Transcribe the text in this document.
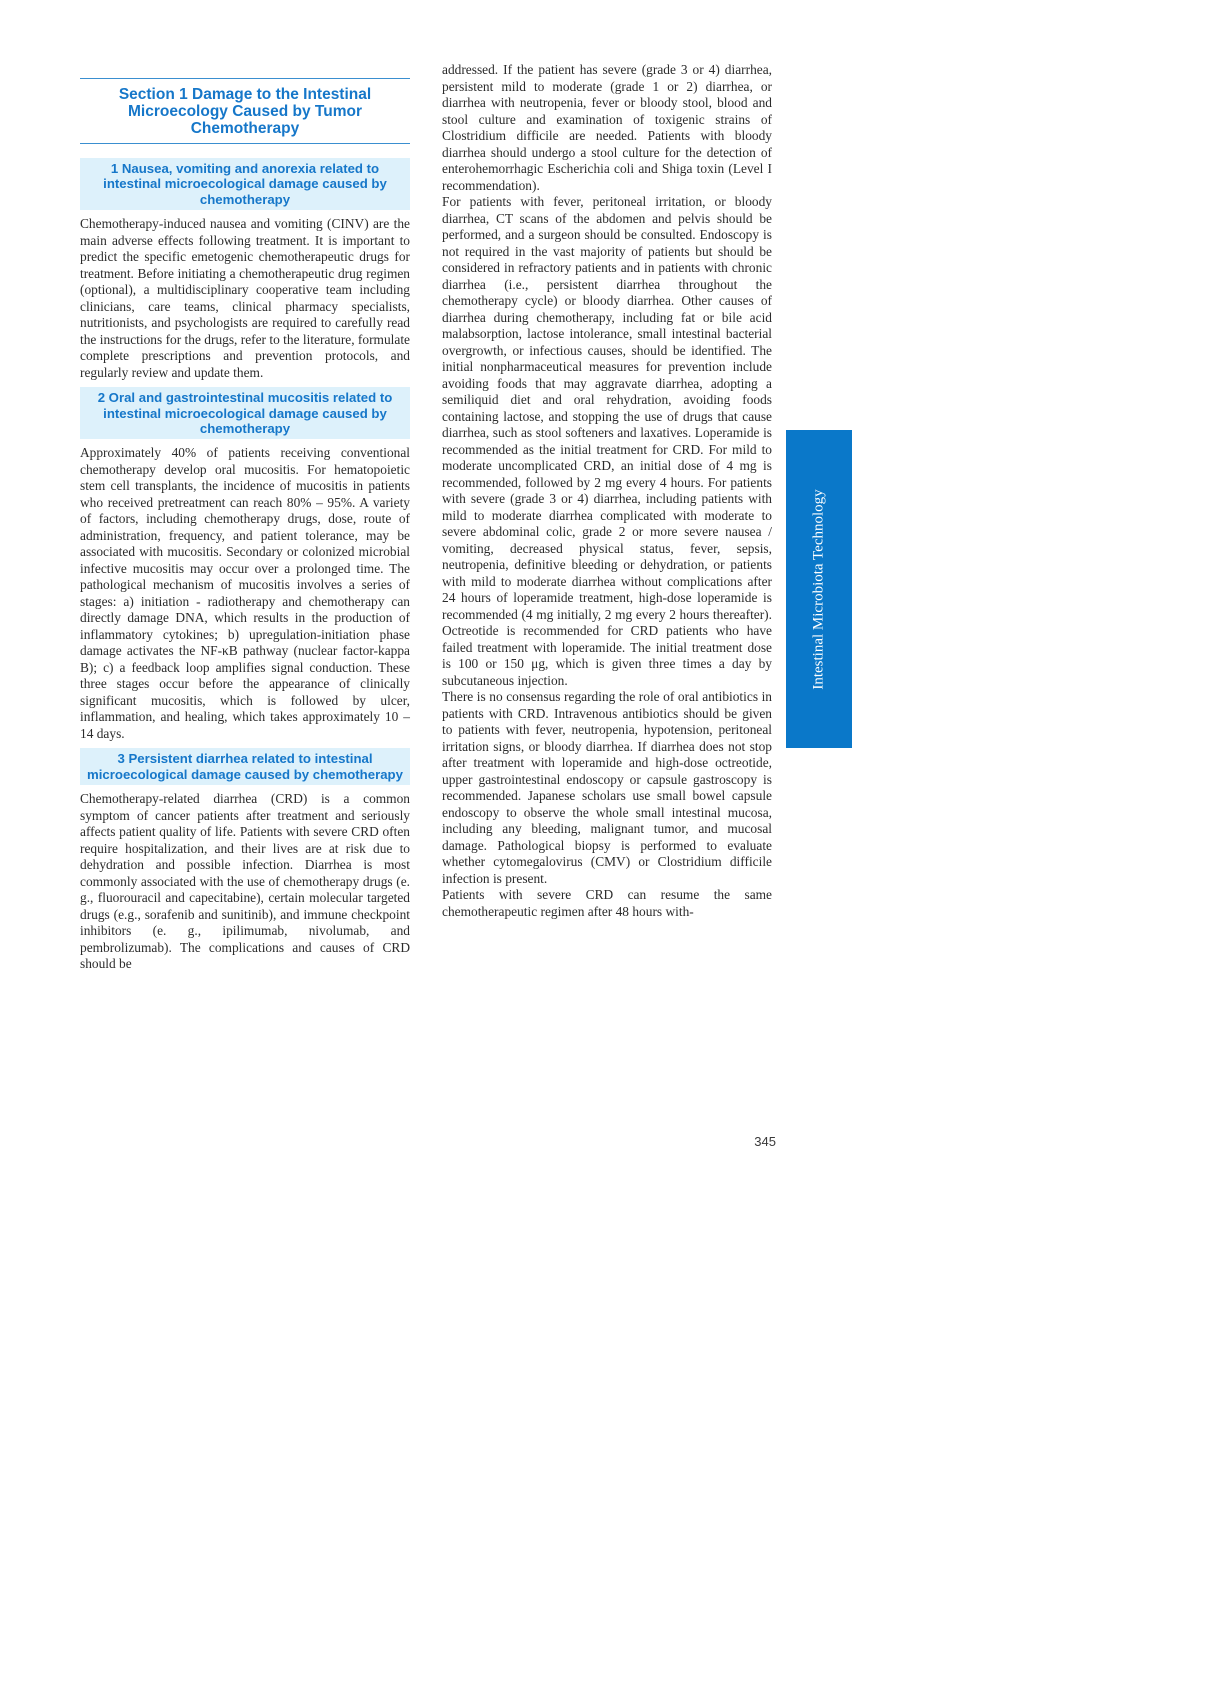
Section 1 Damage to the Intestinal Microecology Caused by Tumor Chemotherapy
1 Nausea, vomiting and anorexia related to intestinal microecological damage caused by chemotherapy

Chemotherapy-induced nausea and vomiting (CINV) are the main adverse effects following treatment. It is important to predict the specific emetogenic chemotherapeutic drugs for treatment. Before initiating a chemotherapeutic drug regimen (optional), a multidisciplinary cooperative team including clinicians, care teams, clinical pharmacy specialists, nutritionists, and psychologists are required to carefully read the instructions for the drugs, refer to the literature, formulate complete prescriptions and prevention protocols, and regularly review and update them.

2 Oral and gastrointestinal mucositis related to intestinal microecological damage caused by chemotherapy

Approximately 40% of patients receiving conventional chemotherapy develop oral mucositis. For hematopoietic stem cell transplants, the incidence of mucositis in patients who received pretreatment can reach 80% – 95%. A variety of factors, including chemotherapy drugs, dose, route of administration, frequency, and patient tolerance, may be associated with mucositis. Secondary or colonized microbial infective mucositis may occur over a prolonged time. The pathological mechanism of mucositis involves a series of stages: a) initiation - radiotherapy and chemotherapy can directly damage DNA, which results in the production of inflammatory cytokines; b) upregulation-initiation phase damage activates the NF-κB pathway (nuclear factor-kappa B); c) a feedback loop amplifies signal conduction. These three stages occur before the appearance of clinically significant mucositis, which is followed by ulcer, inflammation, and healing, which takes approximately 10 – 14 days.

3 Persistent diarrhea related to intestinal microecological damage caused by chemotherapy

Chemotherapy-related diarrhea (CRD) is a common symptom of cancer patients after treatment and seriously affects patient quality of life. Patients with severe CRD often require hospitalization, and their lives are at risk due to dehydration and possible infection. Diarrhea is most commonly associated with the use of chemotherapy drugs (e. g., fluorouracil and capecitabine), certain molecular targeted drugs (e.g., sorafenib and sunitinib), and immune checkpoint inhibitors (e. g., ipilimumab, nivolumab, and pembrolizumab). The complications and causes of CRD should be

addressed. If the patient has severe (grade 3 or 4) diarrhea, persistent mild to moderate (grade 1 or 2) diarrhea, or diarrhea with neutropenia, fever or bloody stool, blood and stool culture and examination of toxigenic strains of Clostridium difficile are needed. Patients with bloody diarrhea should undergo a stool culture for the detection of enterohemorrhagic Escherichia coli and Shiga toxin (Level I recommendation).

For patients with fever, peritoneal irritation, or bloody diarrhea, CT scans of the abdomen and pelvis should be performed, and a surgeon should be consulted. Endoscopy is not required in the vast majority of patients but should be considered in refractory patients and in patients with chronic diarrhea (i.e., persistent diarrhea throughout the chemotherapy cycle) or bloody diarrhea. Other causes of diarrhea during chemotherapy, including fat or bile acid malabsorption, lactose intolerance, small intestinal bacterial overgrowth, or infectious causes, should be identified. The initial nonpharmaceutical measures for prevention include avoiding foods that may aggravate diarrhea, adopting a semiliquid diet and oral rehydration, avoiding foods containing lactose, and stopping the use of drugs that cause diarrhea, such as stool softeners and laxatives. Loperamide is recommended as the initial treatment for CRD. For mild to moderate uncomplicated CRD, an initial dose of 4 mg is recommended, followed by 2 mg every 4 hours. For patients with severe (grade 3 or 4) diarrhea, including patients with mild to moderate diarrhea complicated with moderate to severe abdominal colic, grade 2 or more severe nausea / vomiting, decreased physical status, fever, sepsis, neutropenia, definitive bleeding or dehydration, or patients with mild to moderate diarrhea without complications after 24 hours of loperamide treatment, high-dose loperamide is recommended (4 mg initially, 2 mg every 2 hours thereafter). Octreotide is recommended for CRD patients who have failed treatment with loperamide. The initial treatment dose is 100 or 150 μg, which is given three times a day by subcutaneous injection.

There is no consensus regarding the role of oral antibiotics in patients with CRD. Intravenous antibiotics should be given to patients with fever, neutropenia, hypotension, peritoneal irritation signs, or bloody diarrhea. If diarrhea does not stop after treatment with loperamide and high-dose octreotide, upper gastrointestinal endoscopy or capsule gastroscopy is recommended. Japanese scholars use small bowel capsule endoscopy to observe the whole small intestinal mucosa, including any bleeding, malignant tumor, and mucosal damage. Pathological biopsy is performed to evaluate whether cytomegalovirus (CMV) or Clostridium difficile infection is present.

Patients with severe CRD can resume the same chemotherapeutic regimen after 48 hours with-

Intestinal Microbiota Technology
345
